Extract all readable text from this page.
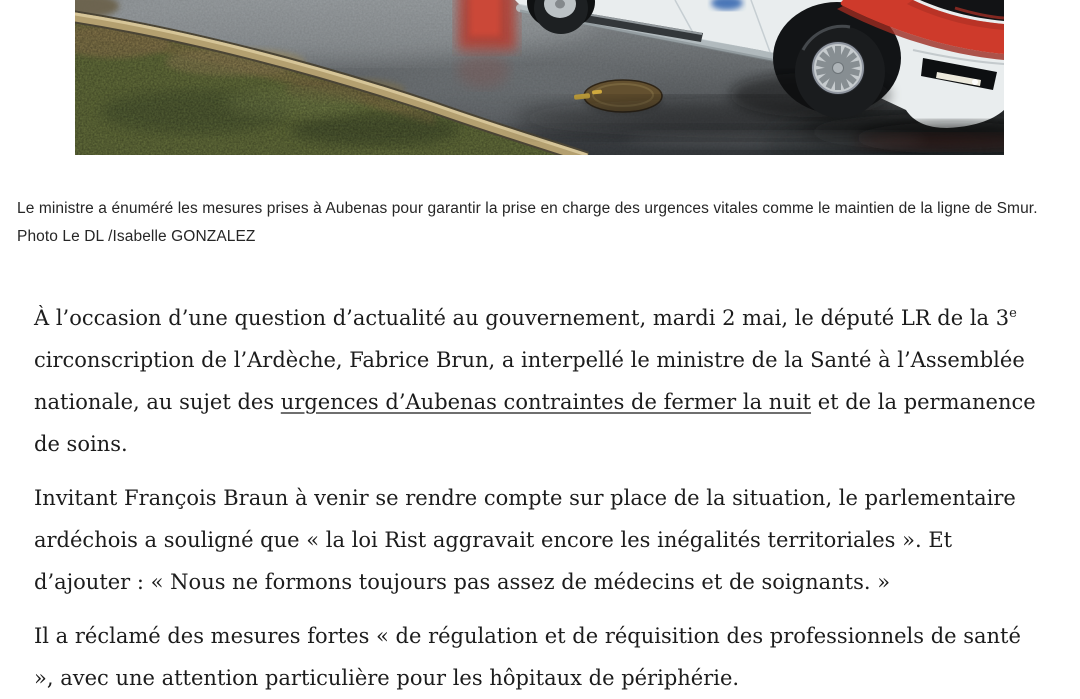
Le ministre a énuméré les mesures prises à Aubenas pour garantir la prise en charge des urgences vitales comme le maintien de la ligne de Smur. Photo Le DL /Isabelle GONZALEZ

À l’occasion d’une question d’actualité au gouvernement, mardi 2 mai, le député LR de la 3e circonscription de l’Ardèche, Fabrice Brun, a interpellé le ministre de la Santé à l’Assemblée nationale, au sujet des urgences d’Aubenas contraintes de fermer la nuit et de la permanence de soins.

Invitant François Braun à venir se rendre compte sur place de la situation, le parlementaire ardéchois a souligné que « la loi Rist aggravait encore les inégalités territoriales ». Et d’ajouter : « Nous ne formons toujours pas assez de médecins et de soignants. »

Il a réclamé des mesures fortes « de régulation et de réquisition des professionnels de santé », avec une attention particulière pour les hôpitaux de périphérie.
